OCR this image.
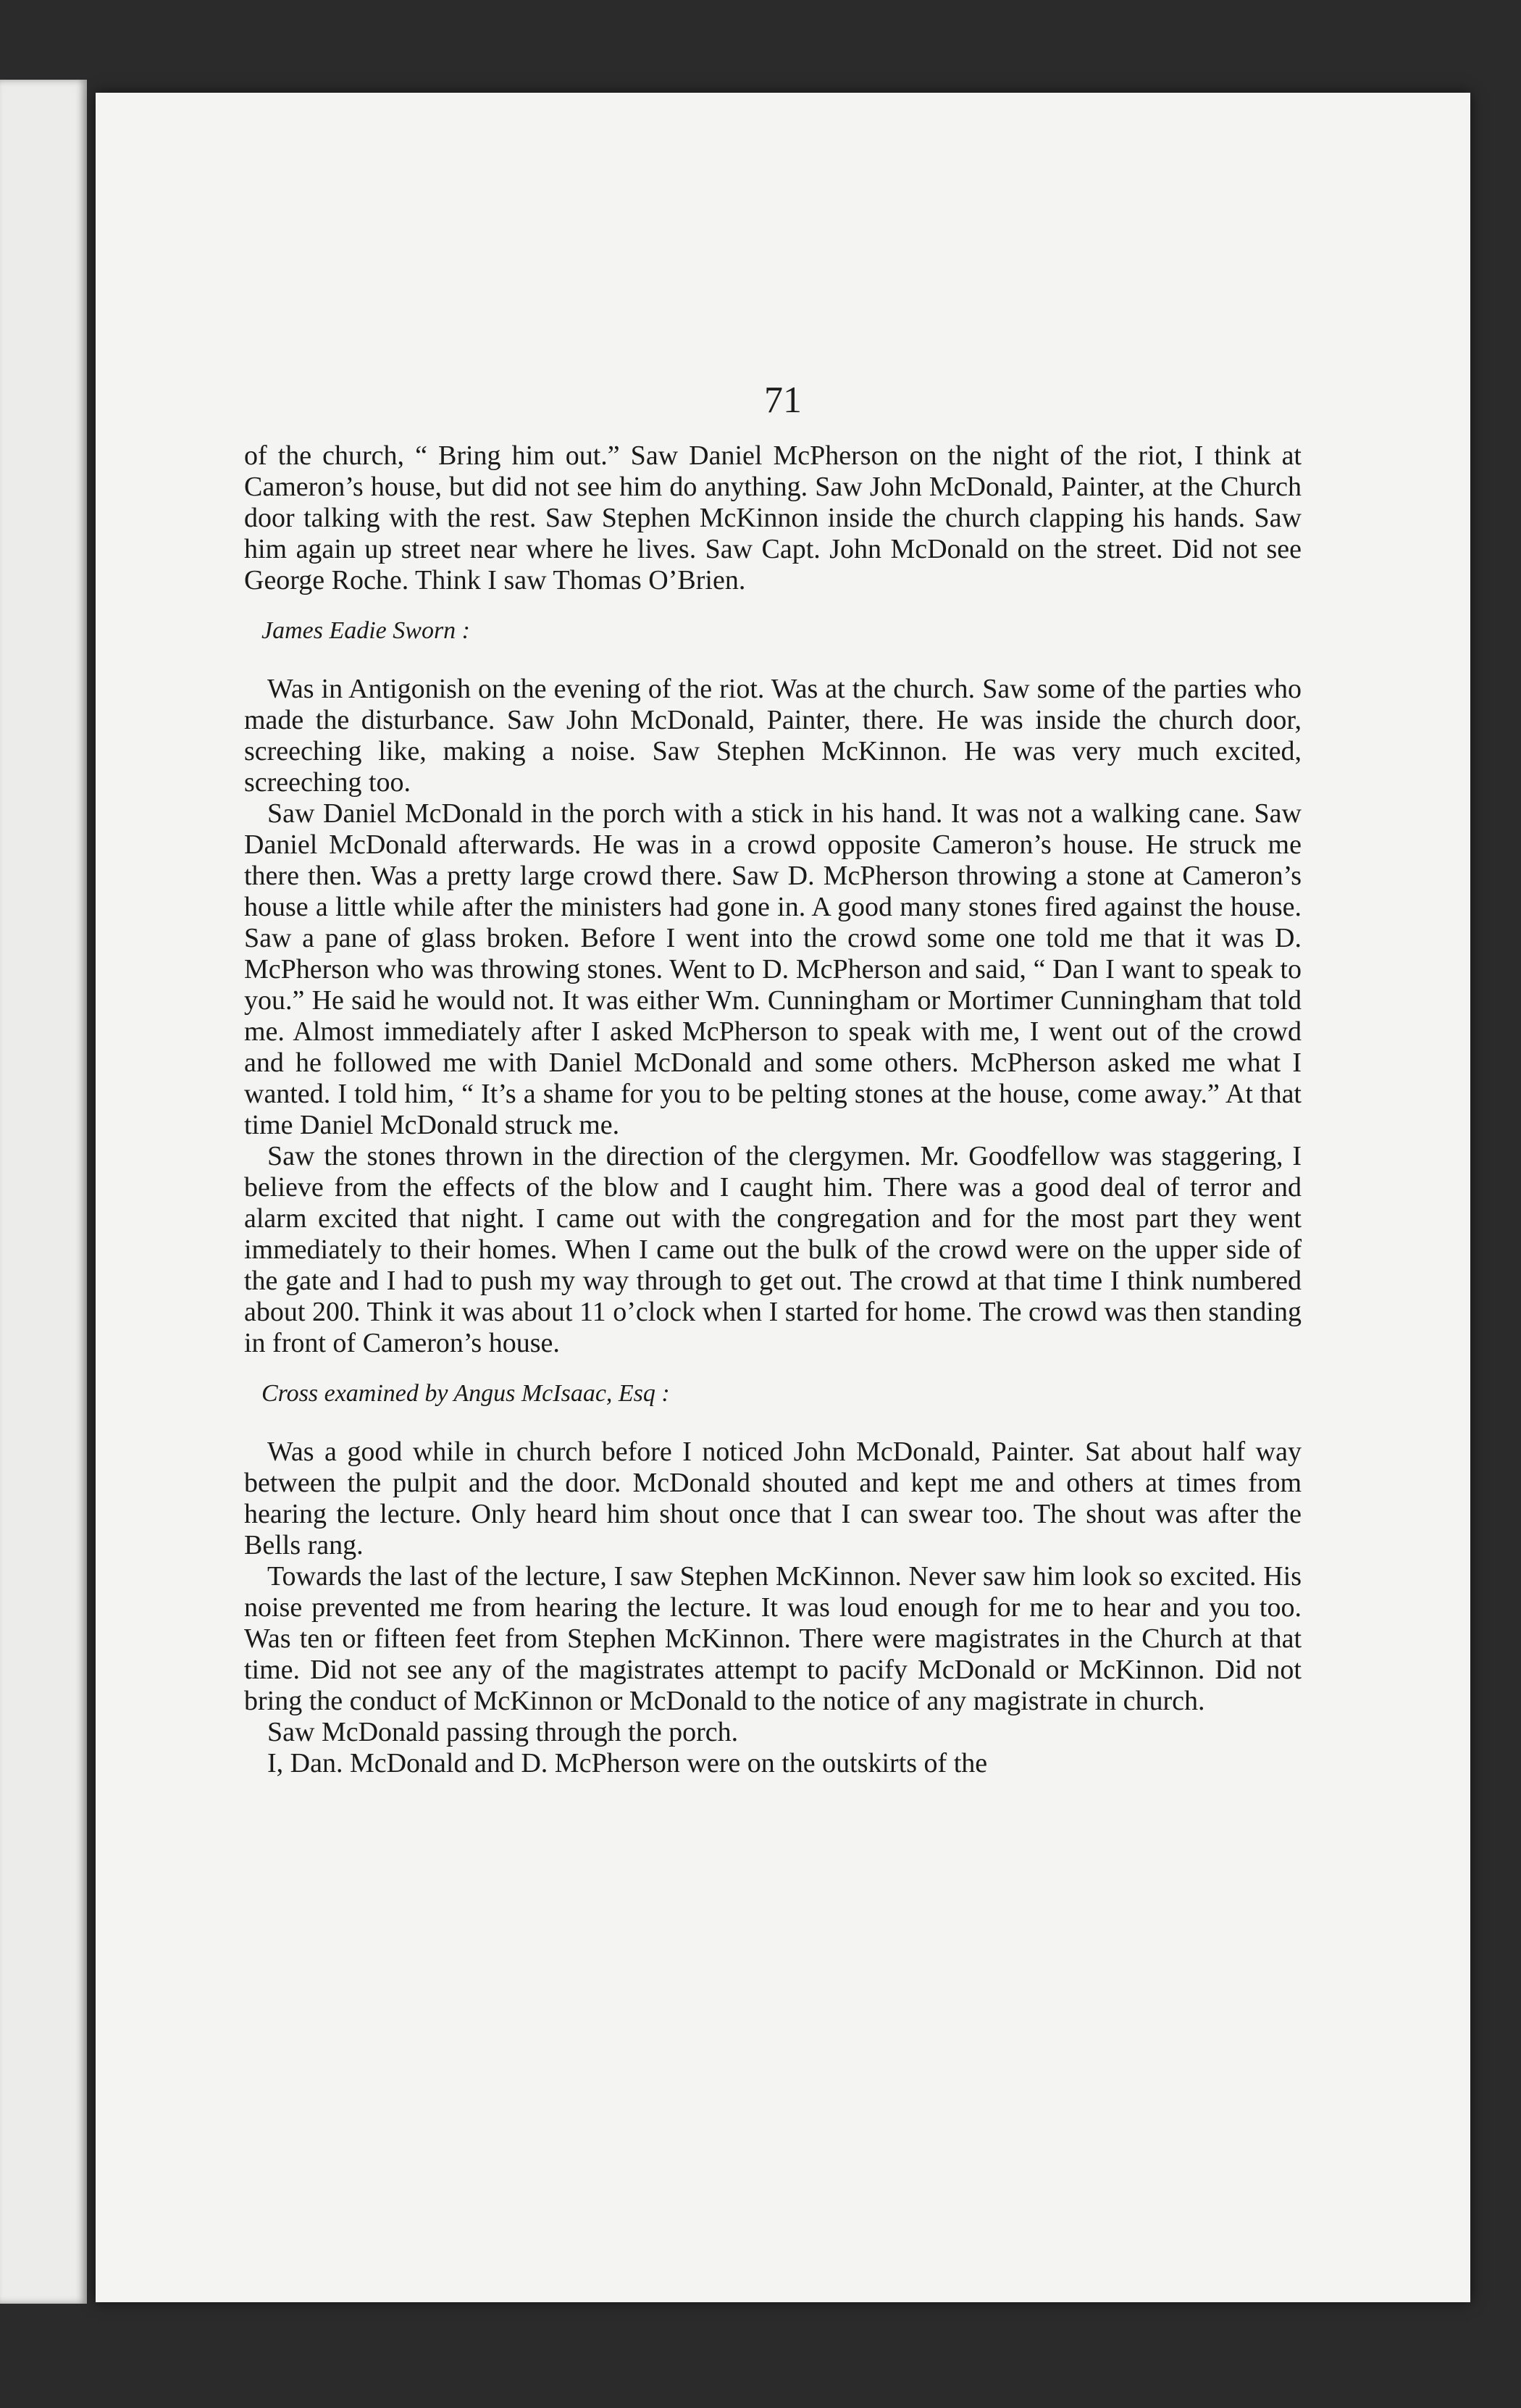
71

of the church, “ Bring him out.” Saw Daniel McPherson on the night of the riot, I think at Cameron’s house, but did not see him do anything. Saw John McDonald, Painter, at the Church door talking with the rest. Saw Stephen McKinnon inside the church clapping his hands. Saw him again up street near where he lives. Saw Capt. John McDonald on the street. Did not see George Roche. Think I saw Thomas O’Brien.

James Eadie Sworn :

Was in Antigonish on the evening of the riot. Was at the church. Saw some of the parties who made the disturbance. Saw John McDonald, Painter, there. He was inside the church door, screeching like, making a noise. Saw Stephen McKinnon. He was very much excited, screeching too.

Saw Daniel McDonald in the porch with a stick in his hand. It was not a walking cane. Saw Daniel McDonald afterwards. He was in a crowd opposite Cameron’s house. He struck me there then. Was a pretty large crowd there. Saw D. McPherson throwing a stone at Cameron’s house a little while after the ministers had gone in. A good many stones fired against the house. Saw a pane of glass broken. Before I went into the crowd some one told me that it was D. McPherson who was throwing stones. Went to D. McPherson and said, “ Dan I want to speak to you.” He said he would not. It was either Wm. Cunningham or Mortimer Cunningham that told me. Almost immediately after I asked McPherson to speak with me, I went out of the crowd and he followed me with Daniel McDonald and some others. McPherson asked me what I wanted. I told him, “ It’s a shame for you to be pelting stones at the house, come away.” At that time Daniel McDonald struck me.

Saw the stones thrown in the direction of the clergymen. Mr. Goodfellow was staggering, I believe from the effects of the blow and I caught him. There was a good deal of terror and alarm excited that night. I came out with the congregation and for the most part they went immediately to their homes. When I came out the bulk of the crowd were on the upper side of the gate and I had to push my way through to get out. The crowd at that time I think numbered about 200. Think it was about 11 o’clock when I started for home. The crowd was then standing in front of Cameron’s house.

Cross examined by Angus McIsaac, Esq :

Was a good while in church before I noticed John McDonald, Painter. Sat about half way between the pulpit and the door. McDonald shouted and kept me and others at times from hearing the lecture. Only heard him shout once that I can swear too. The shout was after the Bells rang.

Towards the last of the lecture, I saw Stephen McKinnon. Never saw him look so excited. His noise prevented me from hearing the lecture. It was loud enough for me to hear and you too. Was ten or fifteen feet from Stephen McKinnon. There were magistrates in the Church at that time. Did not see any of the magistrates attempt to pacify McDonald or McKinnon. Did not bring the conduct of McKinnon or McDonald to the notice of any magistrate in church.

Saw McDonald passing through the porch.

I, Dan. McDonald and D. McPherson were on the outskirts of the
